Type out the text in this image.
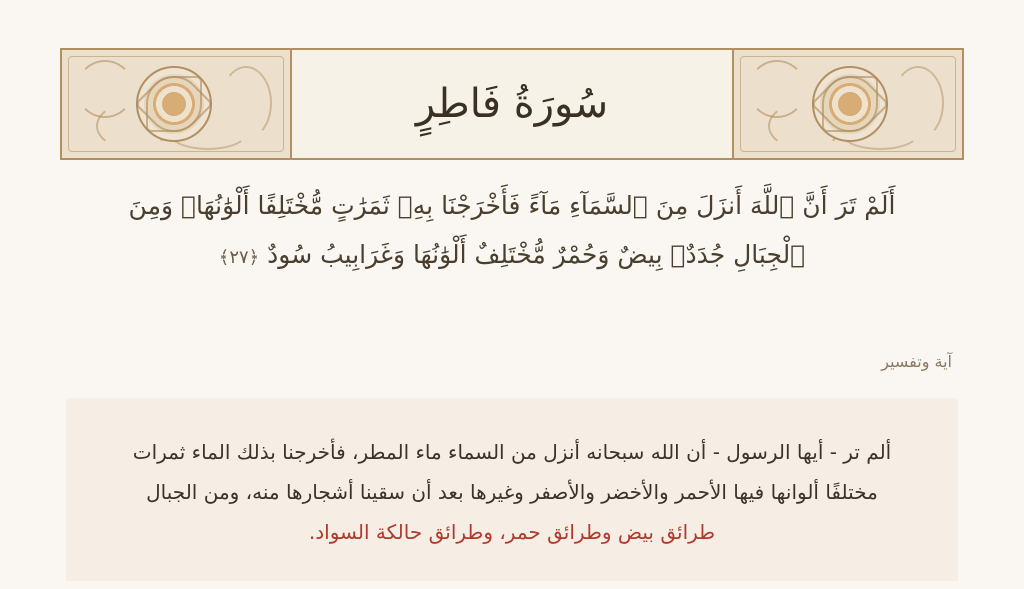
سُورَةُ فَاطِرٍ
أَلَمْ تَرَ أَنَّ ٱللَّهَ أَنزَلَ مِنَ ٱلسَّمَآءِ مَآءً فَأَخْرَجْنَا بِهِۦ ثَمَرَٰتٍ مُّخْتَلِفًا أَلْوَٰنُهَاۚ وَمِنَ
ٱلْجِبَالِ جُدَدٌۢ بِيضٌ وَحُمْرٌ مُّخْتَلِفٌ أَلْوَٰنُهَا وَغَرَابِيبُ سُودٌ ﴿٢٧﴾
آية وتفسير
ألم تر - أيها الرسول - أن الله سبحانه أنزل من السماء ماء المطر، فأخرجنا بذلك الماء ثمرات مختلفًا ألوانها فيها الأحمر والأخضر والأصفر وغيرها بعد أن سقينا أشجارها منه، ومن الجبال طرائق بيض وطرائق حمر، وطرائق حالكة السواد.
